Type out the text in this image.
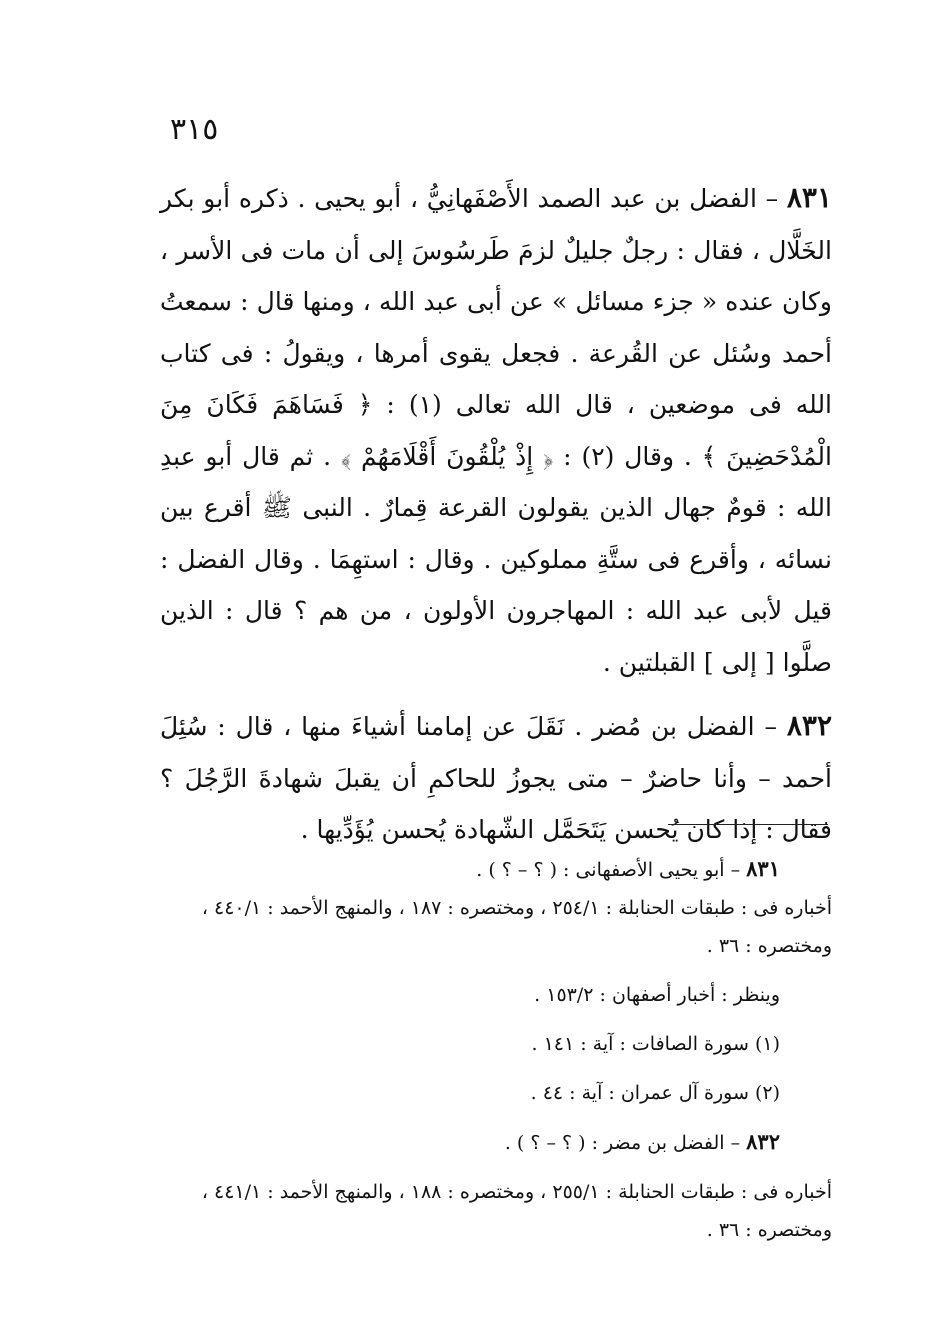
٣١٥

٨٣١ – الفضل بن عبد الصمد الأَصْفَهانِيُّ ، أبو يحيى . ذكره أبو بكر الخَلَّال ، فقال : رجلٌ جليلٌ لزمَ طَرسُوسَ إلى أن مات فى الأسر ، وكان عنده « جزء مسائل » عن أبى عبد الله ، ومنها قال : سمعتُ أحمد وسُئل عن القُرعة . فجعل يقوى أمرها ، ويقولُ : فى كتاب الله فى موضعين ، قال الله تعالى (١) : ﴿ فَسَاهَمَ فَكَانَ مِنَ الْمُدْحَضِينَ ﴾ . وقال (٢) : ﴿ إِذْ يُلْقُونَ أَقْلَامَهُمْ ﴾ . ثم قال أبو عبدِ الله : قومٌ جهال الذين يقولون القرعة قِمارٌ . النبى ﷺ أقرع بين نسائه ، وأقرع فى ستَّةِ مملوكين . وقال : استهِمَا . وقال الفضل : قيل لأبى عبد الله : المهاجرون الأولون ، من هم ؟ قال : الذين صلَّوا [ إلى ] القبلتين .

٨٣٢ – الفضل بن مُضر . نَقَلَ عن إمامنا أشياءَ منها ، قال : سُئِلَ أحمد – وأنا حاضرٌ – متى يجوزُ للحاكمِ أن يقبلَ شهادةَ الرَّجُلَ ؟ فقال : إذا كان يُحسن يَتَحَمَّل الشّهادة يُحسن يُؤَدِّيها .

٨٣١ – أبو يحيى الأصفهانى : ( ؟ – ؟ ) .

أخباره فى : طبقات الحنابلة : ٢٥٤/١ ، ومختصره : ١٨٧ ، والمنهج الأحمد : ٤٤٠/١ ، ومختصره : ٣٦ .

وينظر : أخبار أصفهان : ١٥٣/٢ .

(١) سورة الصافات : آية : ١٤١ .

(٢) سورة آل عمران : آية : ٤٤ .

٨٣٢ – الفضل بن مضر : ( ؟ – ؟ ) .

أخباره فى : طبقات الحنابلة : ٢٥٥/١ ، ومختصره : ١٨٨ ، والمنهج الأحمد : ٤٤١/١ ، ومختصره : ٣٦ .
